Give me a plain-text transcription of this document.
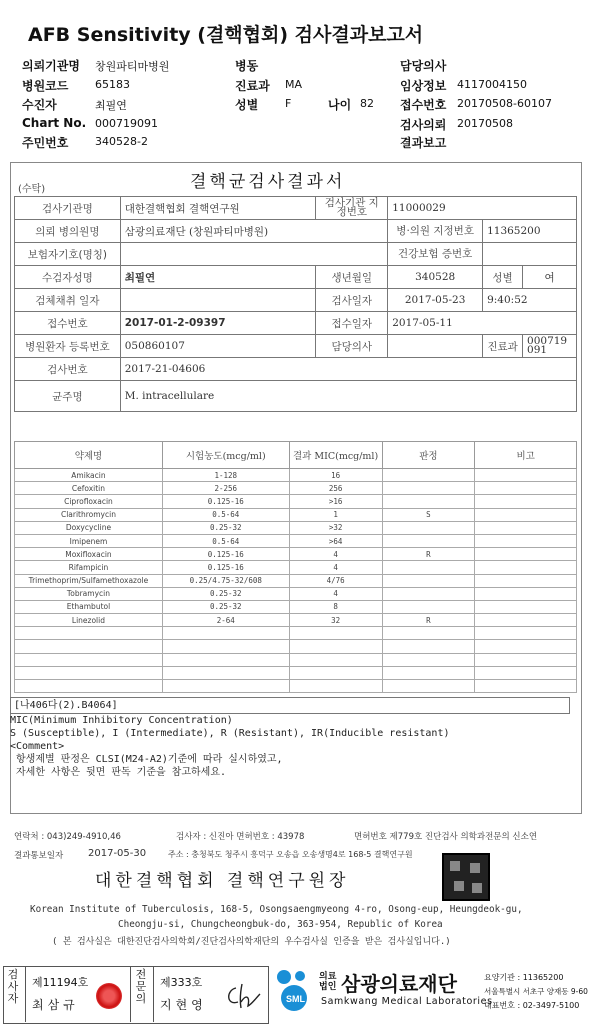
AFB Sensitivity (결핵협회) 검사결과보고서
의뢰기관명 창원파티마병원	병동	담당의사
병원코드 65183	진료과 MA	임상정보 4117004150
수진자	최필연	성별 F	나이 82 접수번호 20170508-60107
Chart No. 000719091	검사의뢰 20170508
주민번호 340528-2	결과보고
(수탁)	결핵균검사결과서
검사기관명	대한결핵협회 결핵연구원	검사기관 지정번호	11000029		
의뢰 병의원명	삼광의료재단 (창원파티마병원)		병·의원 지정번호	11365200	
보험자기호(명칭)			건강보험 증번호		
수검자성명	최필연	생년월일	340528	성별	여
검체채취 일자		검사일자	2017-05-23	9:40:52	
접수번호	2017-01-2-09397	접수일자	2017-05-11		
병원환자 등록번호	050860107	담당의사		진료과	000719091
검사번호	2017-21-04606				
균주명	M. intracellulare				
약제명	시험농도(mcg/ml)	결과 MIC(mcg/ml)	판정	비고
Amikacin	1-128	16		
Cefoxitin	2-256	256		
Ciprofloxacin	0.125-16	>16		
Clarithromycin	0.5-64	1	S	
Doxycycline	0.25-32	>32		
Imipenem	0.5-64	>64		
Moxifloxacin	0.125-16	4	R	
Rifampicin	0.125-16	4		
Trimethoprim/Sulfamethoxazole	0.25/4.75-32/608	4/76		
Tobramycin	0.25-32	4		
Ethambutol	0.25-32	8		
Linezolid	2-64	32	R	

[나406다(2).B4064]
MIC(Minimum Inhibitory Concentration)
S (Susceptible), I (Intermediate), R (Resistant), IR(Inducible resistant)
<Comment>
항생제별 판정은 CLSI(M24-A2)기준에 따라 실시하였고,
자세한 사항은 뒷면 판독 기준을 참고하세요.
연락처 : 043)249-4910,46	검사자 : 신진아 면허번호 : 43978	면허번호 제779호 진단검사 의학과전문의 신소연
결과통보일자 2017-05-30	주소 : 충청북도 청주시 흥덕구 오송읍 오송생명4로 168-5 결핵연구원
대한결핵협회 결핵연구원장
Korean Institute of Tuberculosis, 168-5, Osongsaengmyeong 4-ro, Osong-eup, Heungdeok-gu,
Cheongju-si, Chungcheongbuk-do, 363-954, Republic of Korea
( 본 검사실은 대한진단검사의학회/진단검사의학재단의 우수검사실 인증을 받은 검사실입니다.)
검사자
제11194호
최삼규
전문의
제333호
지현영	SML
의료
법인 삼광의료재단
Samkwang Medical Laboratories
요양기관 : 11365200
서울특별시 서초구 양재동 9-60
대표번호 : 02-3497-5100
